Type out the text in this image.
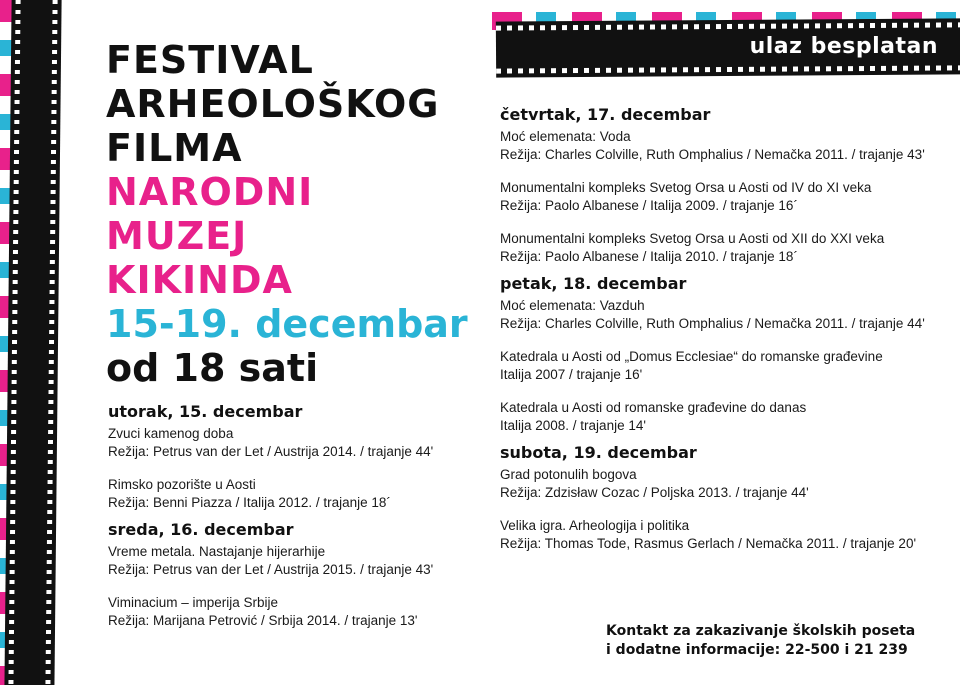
ulaz besplatan
FESTIVAL
ARHEOLOŠKOG
FILMA
NARODNI
MUZEJ
KIKINDA
15-19. decembar
od 18 sati
utorak, 15. decembar
Zvuci kamenog doba
Režija: Petrus van der Let / Austrija 2014. / trajanje 44'
Rimsko pozorište u Aosti
Režija: Benni Piazza / Italija 2012. / trajanje 18´
sreda, 16. decembar
Vreme metala. Nastajanje hijerarhije
Režija: Petrus van der Let / Austrija 2015. / trajanje 43'
Viminacium – imperija Srbije
Režija: Marijana Petrović / Srbija 2014. / trajanje 13'
četvrtak, 17. decembar
Moć elemenata: Voda
Režija: Charles Colville, Ruth Omphalius / Nemačka 2011. / trajanje 43'
Monumentalni kompleks Svetog Orsa u Aosti od IV do XI veka
Režija: Paolo Albanese / Italija 2009. / trajanje 16´
Monumentalni kompleks Svetog Orsa u Aosti od XII do XXI veka
Režija: Paolo Albanese / Italija 2010. / trajanje 18´
petak, 18. decembar
Moć elemenata: Vazduh
Režija: Charles Colville, Ruth Omphalius / Nemačka 2011. / trajanje 44'
Katedrala u Aosti od „Domus Ecclesiae“ do romanske građevine
Italija 2007 / trajanje 16'
Katedrala u Aosti od romanske građevine do danas
Italija 2008. / trajanje 14'
subota, 19. decembar
Grad potonulih bogova
Režija: Zdzisław Cozac / Poljska 2013. / trajanje 44'
Velika igra. Arheologija i politika
Režija: Thomas Tode, Rasmus Gerlach / Nemačka 2011. / trajanje 20'
Kontakt za zakazivanje školskih poseta
i dodatne informacije: 22-500 i 21 239
